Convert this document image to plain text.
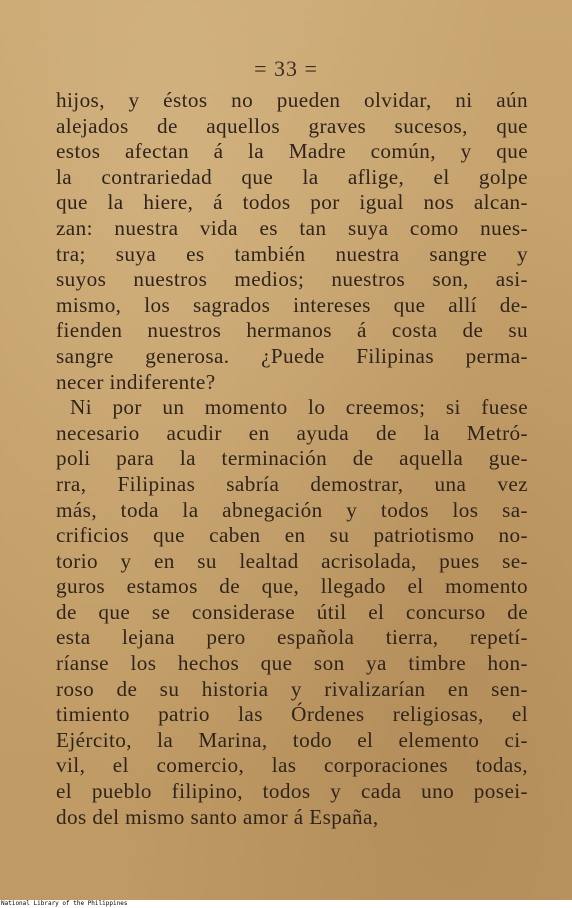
= 33 =
hijos, y éstos no pueden olvidar, ni aún
alejados de aquellos graves sucesos, que
estos afectan á la Madre común, y que
la contrariedad que la aflige, el golpe
que la hiere, á todos por igual nos alcan-
zan: nuestra vida es tan suya como nues-
tra; suya es también nuestra sangre y
suyos nuestros medios; nuestros son, asi-
mismo, los sagrados intereses que allí de-
fienden nuestros hermanos á costa de su
sangre generosa. ¿Puede Filipinas perma-
necer indiferente?
Ni por un momento lo creemos; si fuese
necesario acudir en ayuda de la Metró-
poli para la terminación de aquella gue-
rra, Filipinas sabría demostrar, una vez
más, toda la abnegación y todos los sa-
crificios que caben en su patriotismo no-
torio y en su lealtad acrisolada, pues se-
guros estamos de que, llegado el momento
de que se considerase útil el concurso de
esta lejana pero española tierra, repetí-
ríanse los hechos que son ya timbre hon-
roso de su historia y rivalizarían en sen-
timiento patrio las Órdenes religiosas, el
Ejército, la Marina, todo el elemento ci-
vil, el comercio, las corporaciones todas,
el pueblo filipino, todos y cada uno posei-
dos del mismo santo amor á España,
National Library of the Philippines
